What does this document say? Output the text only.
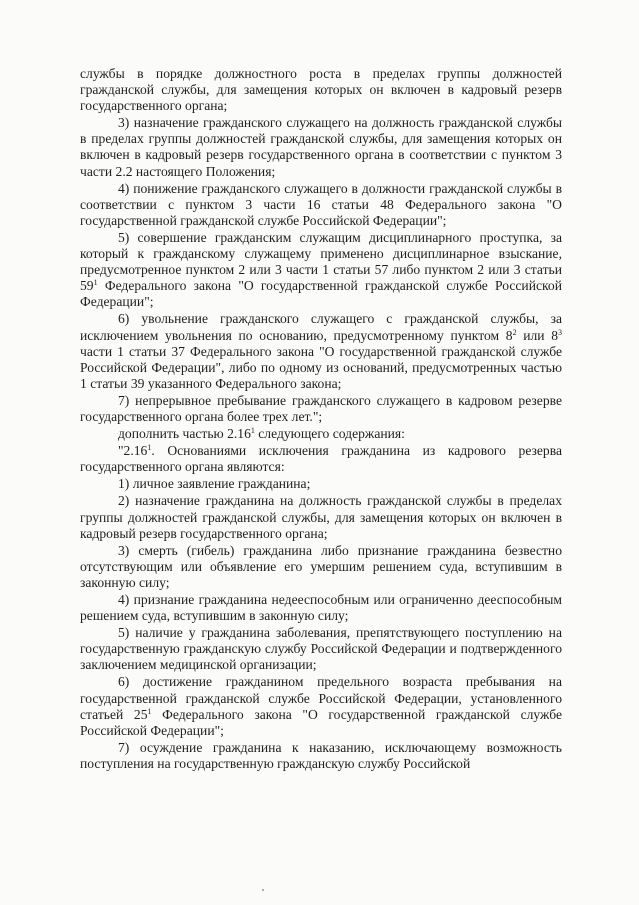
службы в порядке должностного роста в пределах группы должностей гражданской службы, для замещения которых он включен в кадровый резерв государственного органа;

3) назначение гражданского служащего на должность гражданской службы в пределах группы должностей гражданской службы, для замещения которых он включен в кадровый резерв государственного органа в соответствии с пунктом 3 части 2.2 настоящего Положения;

4) понижение гражданского служащего в должности гражданской службы в соответствии с пунктом 3 части 16 статьи 48 Федерального закона "О государственной гражданской службе Российской Федерации";

5) совершение гражданским служащим дисциплинарного проступка, за который к гражданскому служащему применено дисциплинарное взыскание, предусмотренное пунктом 2 или 3 части 1 статьи 57 либо пунктом 2 или 3 статьи $59^1$ Федерального закона "О государственной гражданской службе Российской Федерации";

6) увольнение гражданского служащего с гражданской службы, за исключением увольнения по основанию, предусмотренному пунктом $8^2$ или $8^3$ части 1 статьи 37 Федерального закона "О государственной гражданской службе Российской Федерации", либо по одному из оснований, предусмотренных частью 1 статьи 39 указанного Федерального закона;

7) непрерывное пребывание гражданского служащего в кадровом резерве государственного органа более трех лет.";

дополнить частью 2.16$^1$ следующего содержания:

"2.16$^1$. Основаниями исключения гражданина из кадрового резерва государственного органа являются:

1) личное заявление гражданина;

2) назначение гражданина на должность гражданской службы в пределах группы должностей гражданской службы, для замещения которых он включен в кадровый резерв государственного органа;

3) смерть (гибель) гражданина либо признание гражданина безвестно отсутствующим или объявление его умершим решением суда, вступившим в законную силу;

4) признание гражданина недееспособным или ограниченно дееспособным решением суда, вступившим в законную силу;

5) наличие у гражданина заболевания, препятствующего поступлению на государственную гражданскую службу Российской Федерации и подтвержденного заключением медицинской организации;

6) достижение гражданином предельного возраста пребывания на государственной гражданской службе Российской Федерации, установленного статьей $25^1$ Федерального закона "О государственной гражданской службе Российской Федерации";

7) осуждение гражданина к наказанию, исключающему возможность поступления на государственную гражданскую службу Российской
